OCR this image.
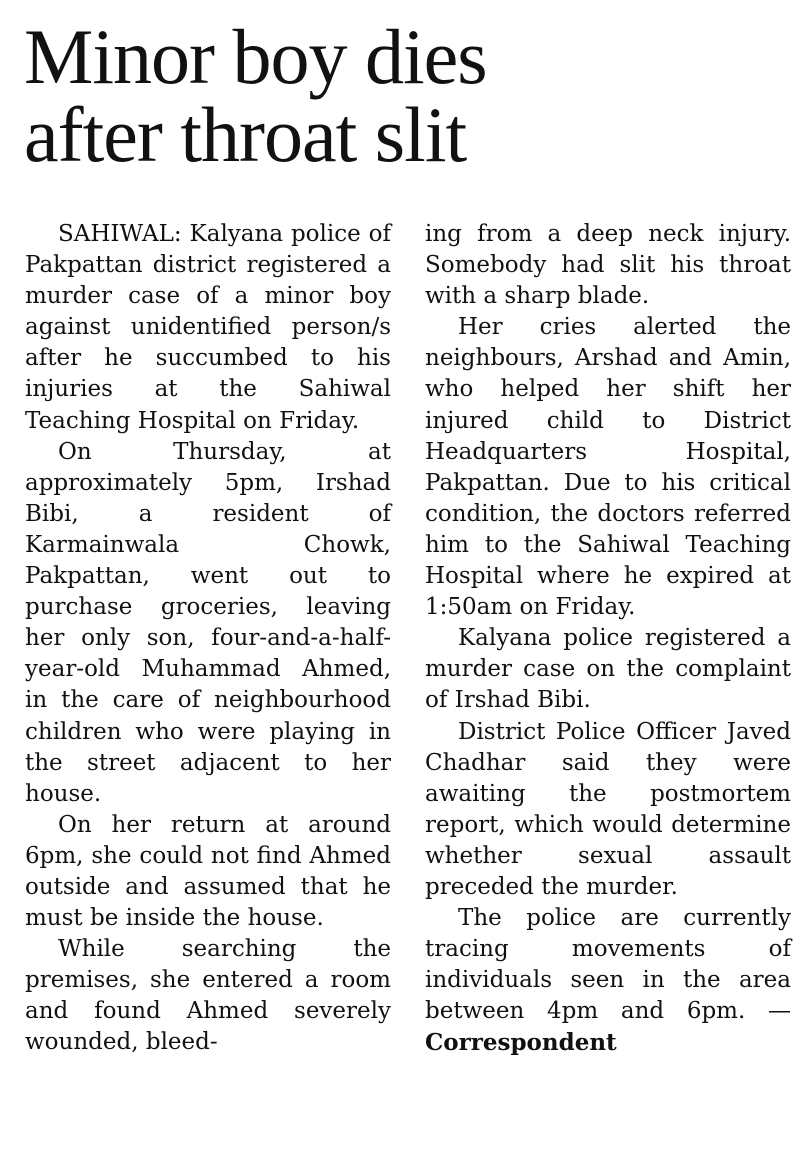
Minor boy dies
after throat slit

SAHIWAL: Kalyana police of Pakpattan district registered a murder case of a minor boy against unidentified person/s after he succumbed to his injuries at the Sahiwal Teaching Hospital on Friday.

On Thursday, at approximately 5pm, Irshad Bibi, a resident of Karmainwala Chowk, Pakpattan, went out to purchase groceries, leaving her only son, four-and-a-half-year-old Muhammad Ahmed, in the care of neighbourhood children who were playing in the street adjacent to her house.

On her return at around 6pm, she could not find Ahmed outside and assumed that he must be inside the house.

While searching the premises, she entered a room and found Ahmed severely wounded, bleed-

ing from a deep neck injury. Somebody had slit his throat with a sharp blade.

Her cries alerted the neighbours, Arshad and Amin, who helped her shift her injured child to District Headquarters Hospital, Pakpattan. Due to his critical condition, the doctors referred him to the Sahiwal Teaching Hospital where he expired at 1:50am on Friday.

Kalyana police registered a murder case on the complaint of Irshad Bibi.

District Police Officer Javed Chadhar said they were awaiting the postmortem report, which would determine whether sexual assault preceded the murder.

The police are currently tracing movements of individuals seen in the area between 4pm and 6pm. — Correspondent
